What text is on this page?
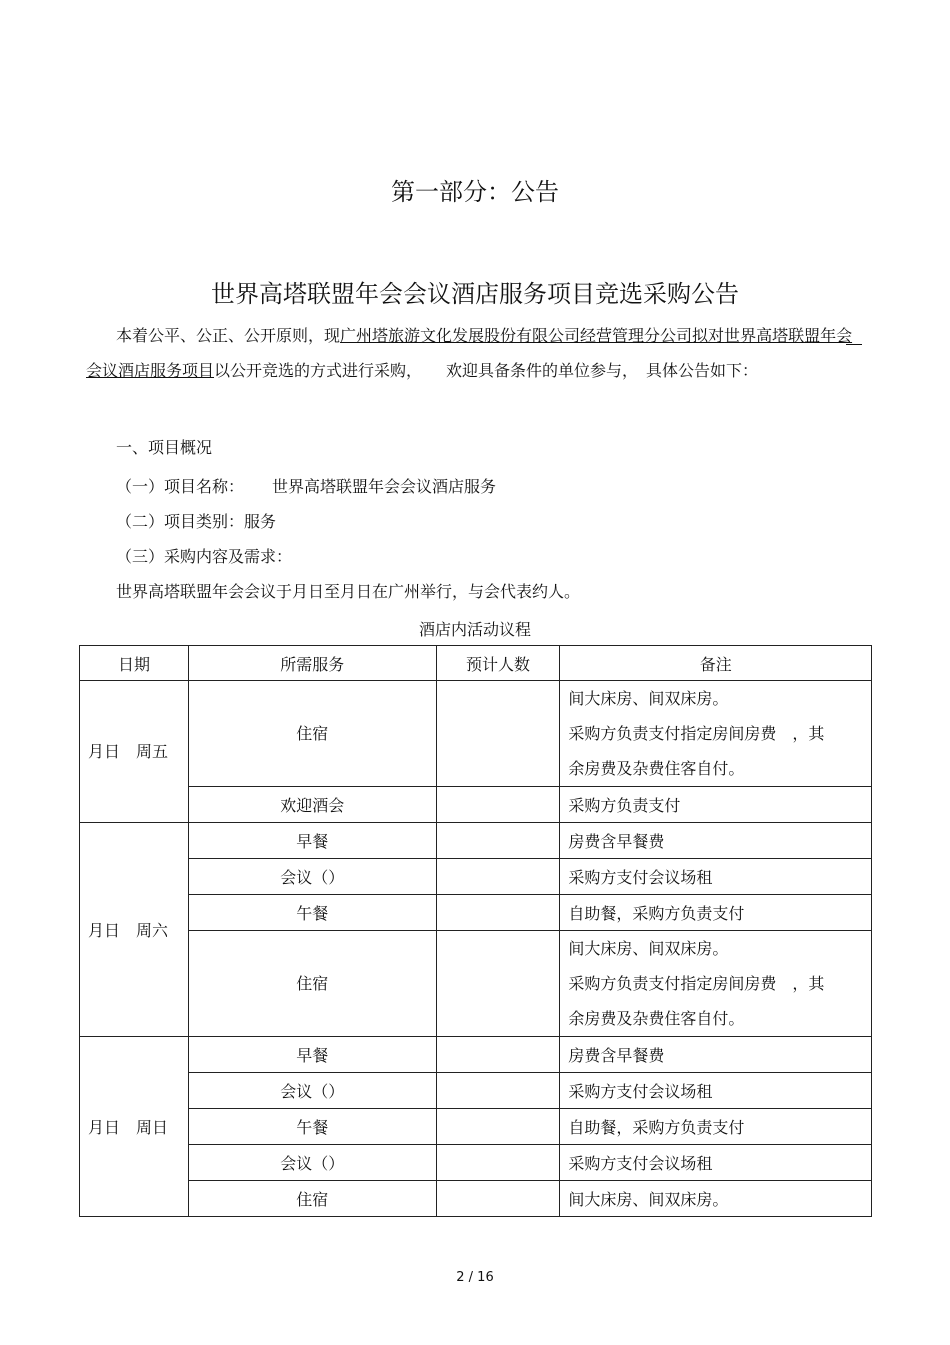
第一部分：公告
世界高塔联盟年会会议酒店服务项目竞选采购公告
本着公平、公正、公开原则，现广州塔旅游文化发展股份有限公司经营管理分公司拟对世界高塔联盟年会会议酒店服务项目以公开竞选的方式进行采购，　　欢迎具备条件的单位参与，　具体公告如下：
一、项目概况
（一）项目名称： 世界高塔联盟年会会议酒店服务
（二）项目类别：服务
（三）采购内容及需求：
世界高塔联盟年会会议于月日至月日在广州举行，与会代表约人。
酒店内活动议程
日期	所需服务	预计人数	备注
月日　周五	住宿		间大床房、间双床房。
采购方负责支付指定房间房费　，其
余房费及杂费住客自付。

	欢迎酒会		采购方负责支付
月日　周六	早餐		房费含早餐费
	会议（）		采购方支付会议场租
	午餐		自助餐，采购方负责支付
	住宿		间大床房、间双床房。
采购方负责支付指定房间房费　，其
余房费及杂费住客自付。

月日　周日	早餐		房费含早餐费
	会议（）		采购方支付会议场租
	午餐		自助餐，采购方负责支付
	会议（）		采购方支付会议场租
	住宿		间大床房、间双床房。
2 / 16
